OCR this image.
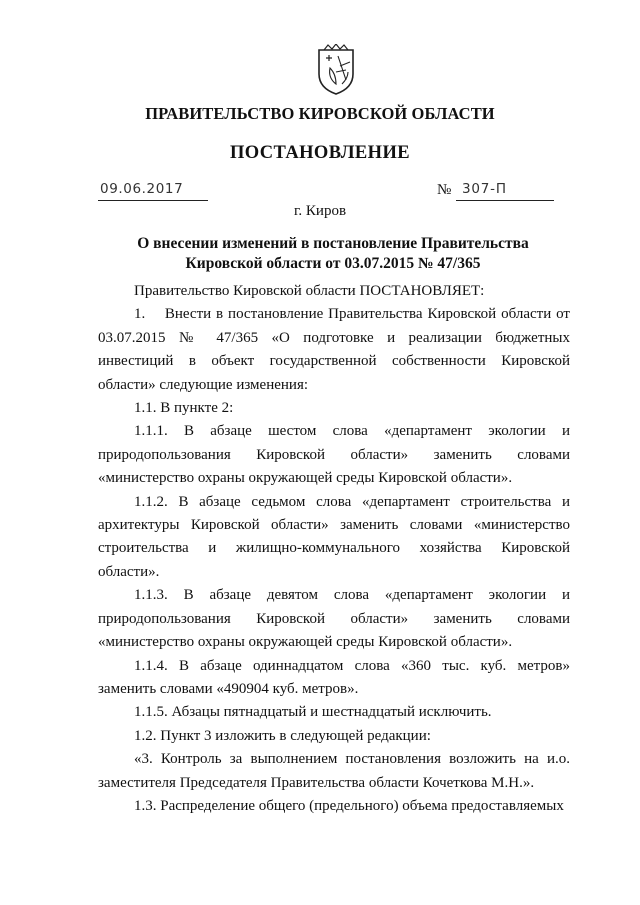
ПРАВИТЕЛЬСТВО КИРОВСКОЙ ОБЛАСТИ
ПОСТАНОВЛЕНИЕ
09.06.2017	№ 307-П
г. Киров
О внесении изменений в постановление Правительства
Кировской области от 03.07.2015 № 47/365

Правительство Кировской области ПОСТАНОВЛЯЕТ:

1.    Внести в постановление Правительства Кировской области от 03.07.2015 № 47/365 «О подготовке и реализации бюджетных инвестиций в объект государственной собственности Кировской области» следующие изменения:

1.1. В пункте 2:

1.1.1. В абзаце шестом слова «департамент экологии и природопользования Кировской области» заменить словами «министерство охраны окружающей среды Кировской области».

1.1.2. В абзаце седьмом слова «департамент строительства и архитектуры Кировской области» заменить словами «министерство строительства и жилищно-коммунального хозяйства Кировской области».

1.1.3. В абзаце девятом слова «департамент экологии и природопользования Кировской области» заменить словами «министерство охраны окружающей среды Кировской области».

1.1.4. В абзаце одиннадцатом слова «360 тыс. куб. метров» заменить словами «490904 куб. метров».

1.1.5. Абзацы пятнадцатый и шестнадцатый исключить.

1.2. Пункт 3 изложить в следующей редакции:

«3. Контроль за выполнением постановления возложить на и.о. заместителя Председателя Правительства области Кочеткова М.Н.».

1.3. Распределение общего (предельного) объема предоставляемых
